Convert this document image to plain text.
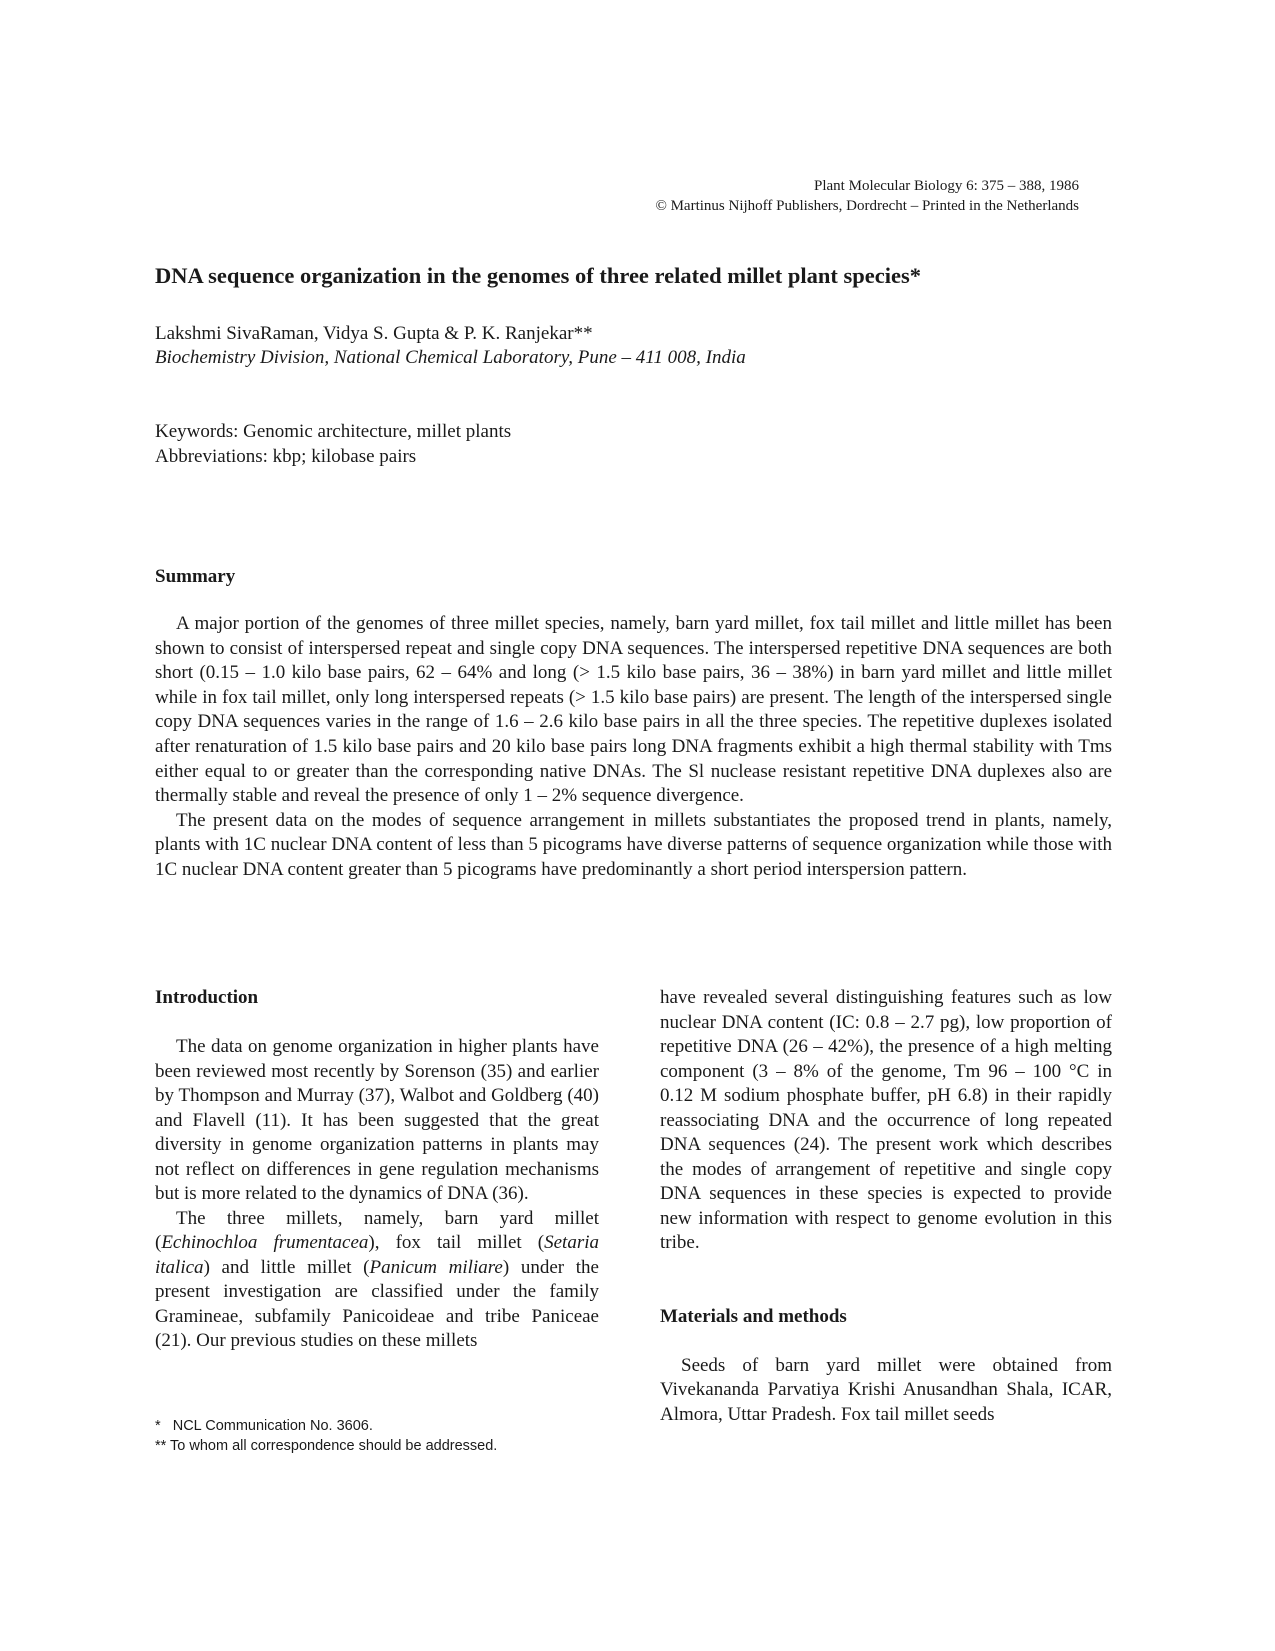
Plant Molecular Biology 6: 375 – 388, 1986
© Martinus Nijhoff Publishers, Dordrecht – Printed in the Netherlands
DNA sequence organization in the genomes of three related millet plant species*
Lakshmi SivaRaman, Vidya S. Gupta & P. K. Ranjekar**
Biochemistry Division, National Chemical Laboratory, Pune – 411 008, India
Keywords: Genomic architecture, millet plants
Abbreviations: kbp; kilobase pairs
Summary

A major portion of the genomes of three millet species, namely, barn yard millet, fox tail millet and little millet has been shown to consist of interspersed repeat and single copy DNA sequences. The interspersed repetitive DNA sequences are both short (0.15 – 1.0 kilo base pairs, 62 – 64% and long (> 1.5 kilo base pairs, 36 – 38%) in barn yard millet and little millet while in fox tail millet, only long interspersed repeats (> 1.5 kilo base pairs) are present. The length of the interspersed single copy DNA sequences varies in the range of 1.6 – 2.6 kilo base pairs in all the three species. The repetitive duplexes isolated after renaturation of 1.5 kilo base pairs and 20 kilo base pairs long DNA fragments exhibit a high thermal stability with Tms either equal to or greater than the corresponding native DNAs. The Sl nuclease resistant repetitive DNA duplexes also are thermally stable and reveal the presence of only 1 – 2% sequence divergence.

The present data on the modes of sequence arrangement in millets substantiates the proposed trend in plants, namely, plants with 1C nuclear DNA content of less than 5 picograms have diverse patterns of sequence organization while those with 1C nuclear DNA content greater than 5 picograms have predominantly a short period interspersion pattern.

Introduction

The data on genome organization in higher plants have been reviewed most recently by Sorenson (35) and earlier by Thompson and Murray (37), Walbot and Goldberg (40) and Flavell (11). It has been suggested that the great diversity in genome organization patterns in plants may not reflect on differences in gene regulation mechanisms but is more related to the dynamics of DNA (36).

The three millets, namely, barn yard millet (Echinochloa frumentacea), fox tail millet (Setaria italica) and little millet (Panicum miliare) under the present investigation are classified under the family Gramineae, subfamily Panicoideae and tribe Paniceae (21). Our previous studies on these millets

have revealed several distinguishing features such as low nuclear DNA content (IC: 0.8 – 2.7 pg), low proportion of repetitive DNA (26 – 42%), the presence of a high melting component (3 – 8% of the genome, Tm 96 – 100 °C in 0.12 M sodium phosphate buffer, pH 6.8) in their rapidly reassociating DNA and the occurrence of long repeated DNA sequences (24). The present work which describes the modes of arrangement of repetitive and single copy DNA sequences in these species is expected to provide new information with respect to genome evolution in this tribe.

Materials and methods

Seeds of barn yard millet were obtained from Vivekananda Parvatiya Krishi Anusandhan Shala, ICAR, Almora, Uttar Pradesh. Fox tail millet seeds

*   NCL Communication No. 3606.
** To whom all correspondence should be addressed.
